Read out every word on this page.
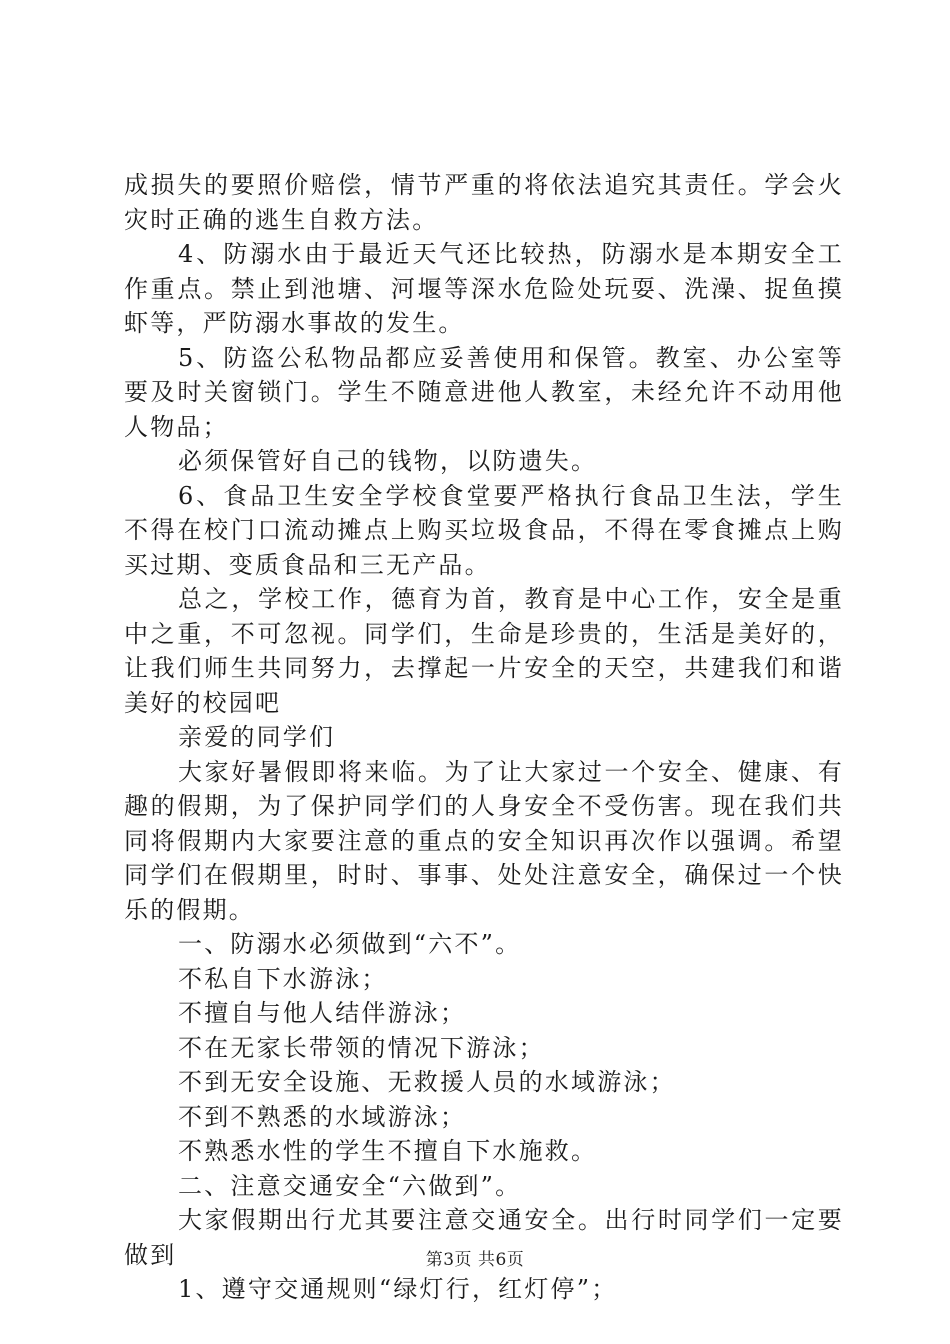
成损失的要照价赔偿，情节严重的将依法追究其责任。学会火灾时正确的逃生自救方法。

4、防溺水由于最近天气还比较热，防溺水是本期安全工作重点。禁止到池塘、河堰等深水危险处玩耍、洗澡、捉鱼摸虾等，严防溺水事故的发生。

5、防盗公私物品都应妥善使用和保管。教室、办公室等要及时关窗锁门。学生不随意进他人教室，未经允许不动用他人物品；

必须保管好自己的钱物，以防遗失。

6、食品卫生安全学校食堂要严格执行食品卫生法，学生不得在校门口流动摊点上购买垃圾食品，不得在零食摊点上购买过期、变质食品和三无产品。

总之，学校工作，德育为首，教育是中心工作，安全是重中之重，不可忽视。同学们，生命是珍贵的，生活是美好的，让我们师生共同努力，去撑起一片安全的天空，共建我们和谐美好的校园吧

亲爱的同学们

大家好暑假即将来临。为了让大家过一个安全、健康、有趣的假期，为了保护同学们的人身安全不受伤害。现在我们共同将假期内大家要注意的重点的安全知识再次作以强调。希望同学们在假期里，时时、事事、处处注意安全，确保过一个快乐的假期。

一、防溺水必须做到“六不”。

不私自下水游泳；

不擅自与他人结伴游泳；

不在无家长带领的情况下游泳；

不到无安全设施、无救援人员的水域游泳；

不到不熟悉的水域游泳；

不熟悉水性的学生不擅自下水施救。

二、注意交通安全“六做到”。

大家假期出行尤其要注意交通安全。出行时同学们一定要做到

1、遵守交通规则“绿灯行，红灯停”；

第3页 共6页
